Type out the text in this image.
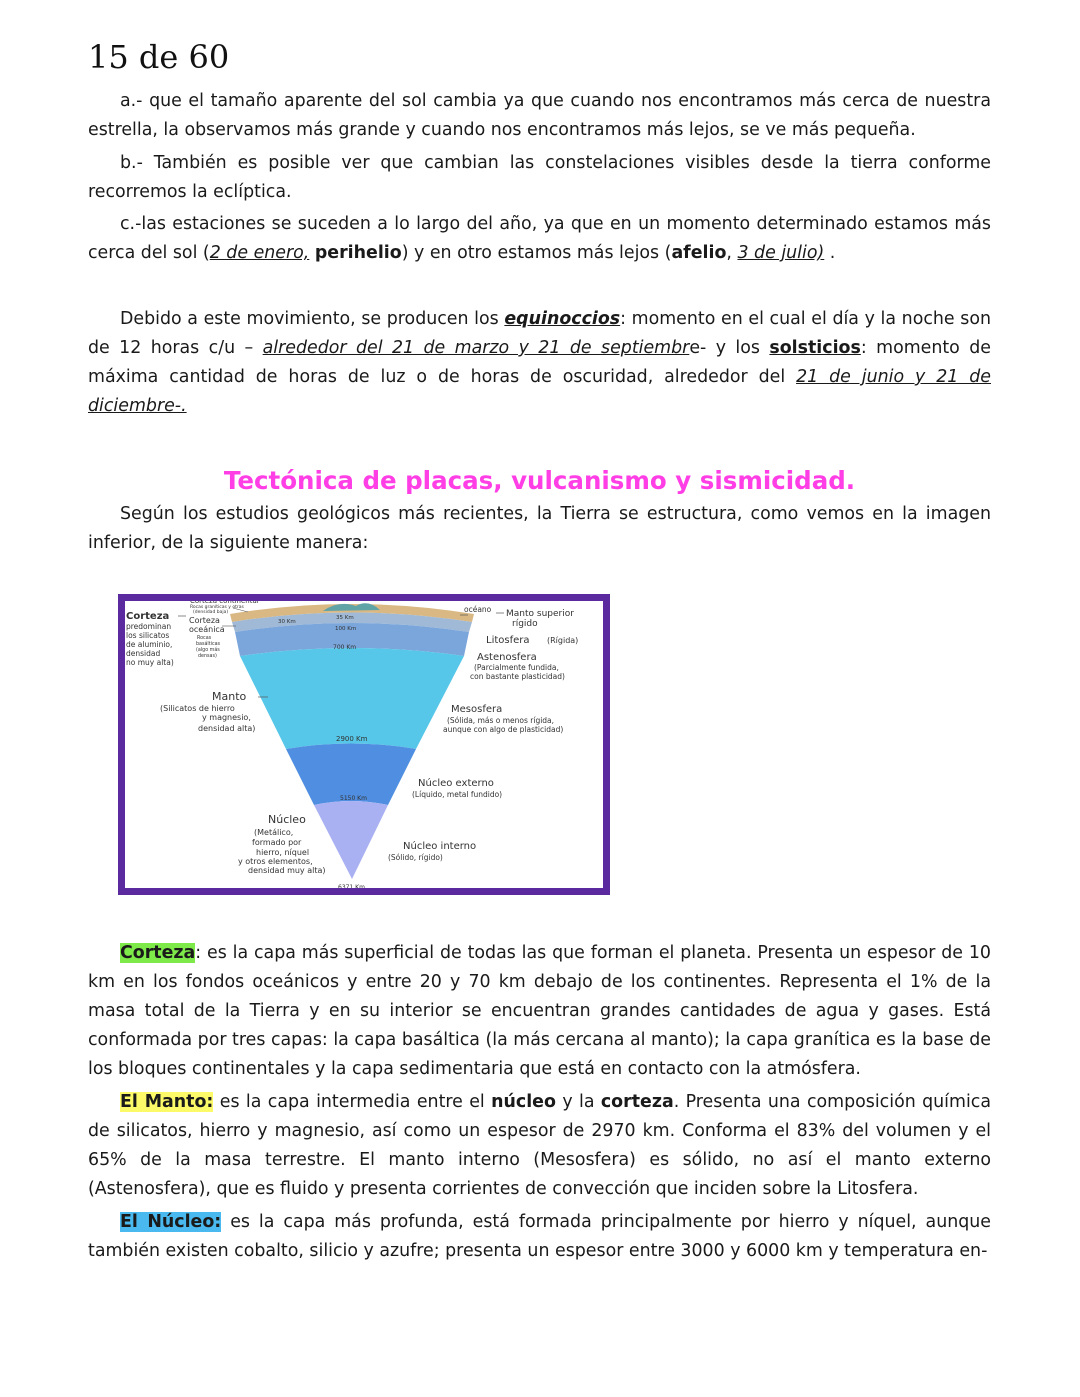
15 de 60

a.- que el tamaño aparente del sol cambia ya que cuando nos encontramos más cerca de nuestra estrella, la observamos más grande y cuando nos encontramos más lejos, se ve más pequeña.

b.- También es posible ver que cambian las constelaciones visibles desde la tierra conforme recorremos la eclíptica.

c.-las estaciones se suceden a lo largo del año, ya que en un momento determinado estamos más cerca del sol (2 de enero, perihelio) y en otro estamos más lejos (afelio, 3 de julio) .

Debido a este movimiento, se producen los equinoccios: momento en el cual el día y la noche son de 12 horas c/u – alrededor del 21 de marzo y 21 de septiembre- y los solsticios: momento de máxima cantidad de horas de luz o de horas de oscuridad, alrededor del 21 de junio y 21 de diciembre-.

Tectónica de placas, vulcanismo y sismicidad.

Según los estudios geológicos más recientes, la Tierra se estructura, como vemos en la imagen inferior, de la siguiente manera:

30 Km
35 Km
100 Km
700 Km
2900 Km
5150 Km
6371 Km
Corteza
predominan
los silicatos
de aluminio,
densidad
no muy alta)
Corteza continental
Rocas graníticas y otras
(densidad baja)
Corteza
oceánica
Rocas
basálticas
(algo más
densas)
Manto
(Silicatos de hierro
y magnesio,
densidad alta)
Núcleo
(Metálico,
formado por
hierro, níquel
y otros elementos,
densidad muy alta)
océano Manto superior
rígido
Litosfera (Rígida)
Astenosfera
(Parcialmente fundida,
con bastante plasticidad)
Mesosfera
(Sólida, más o menos rígida,
aunque con algo de plasticidad)
Núcleo externo
(Líquido, metal fundido)
Núcleo interno
(Sólido, rígido)

Corteza: es la capa más superficial de todas las que forman el planeta. Presenta un espesor de 10 km en los fondos oceánicos y entre 20 y 70 km debajo de los continentes. Representa el 1% de la masa total de la Tierra y en su interior se encuentran grandes cantidades de agua y gases. Está conformada por tres capas: la capa basáltica (la más cercana al manto); la capa granítica es la base de los bloques continentales y la capa sedimentaria que está en contacto con la atmósfera.

El Manto: es la capa intermedia entre el núcleo y la corteza. Presenta una composición química de silicatos, hierro y magnesio, así como un espesor de 2970 km. Conforma el 83% del volumen y el 65% de la masa terrestre. El manto interno (Mesosfera) es sólido, no así el manto externo (Astenosfera), que es fluido y presenta corrientes de convección que inciden sobre la Litosfera.

El Núcleo: es la capa más profunda, está formada principalmente por hierro y níquel, aunque también existen cobalto, silicio y azufre; presenta un espesor entre 3000 y 6000 km y temperatura en-
